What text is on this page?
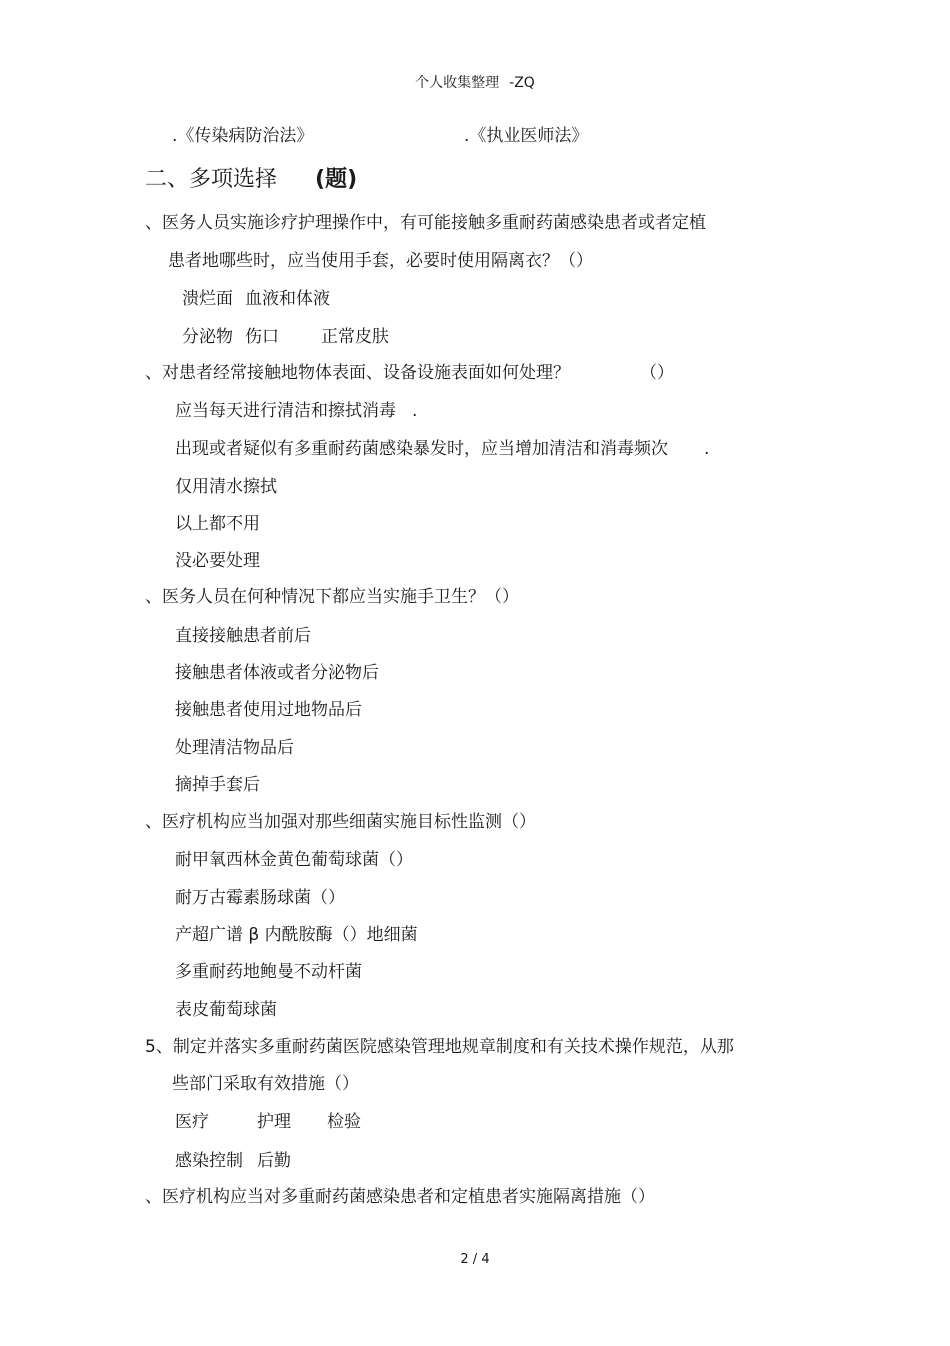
个人收集整理 -ZQ
.《传染病防治法》	.《执业医师法》
二、多项选择 (题)
、医务人员实施诊疗护理操作中，有可能接触多重耐药菌感染患者或者定植
患者地哪些时，应当使用手套，必要时使用隔离衣？（）
溃烂面 血液和体液
分泌物 伤口 正常皮肤
、对患者经常接触地物体表面、设备设施表面如何处理？	（）
应当每天进行清洁和擦拭消毒 .
出现或者疑似有多重耐药菌感染暴发时，应当增加清洁和消毒频次 .
仅用清水擦拭
以上都不用
没必要处理
、医务人员在何种情况下都应当实施手卫生？（）
直接接触患者前后
接触患者体液或者分泌物后
接触患者使用过地物品后
处理清洁物品后
摘掉手套后
、医疗机构应当加强对那些细菌实施目标性监测（）
耐甲氧西林金黄色葡萄球菌（）
耐万古霉素肠球菌（）
产超广谱 β 内酰胺酶（）地细菌
多重耐药地鲍曼不动杆菌
表皮葡萄球菌
5、制定并落实多重耐药菌医院感染管理地规章制度和有关技术操作规范，从那
些部门采取有效措施（）
医疗	护理 检验
感染控制 后勤
、医疗机构应当对多重耐药菌感染患者和定植患者实施隔离措施（）
2 / 4
